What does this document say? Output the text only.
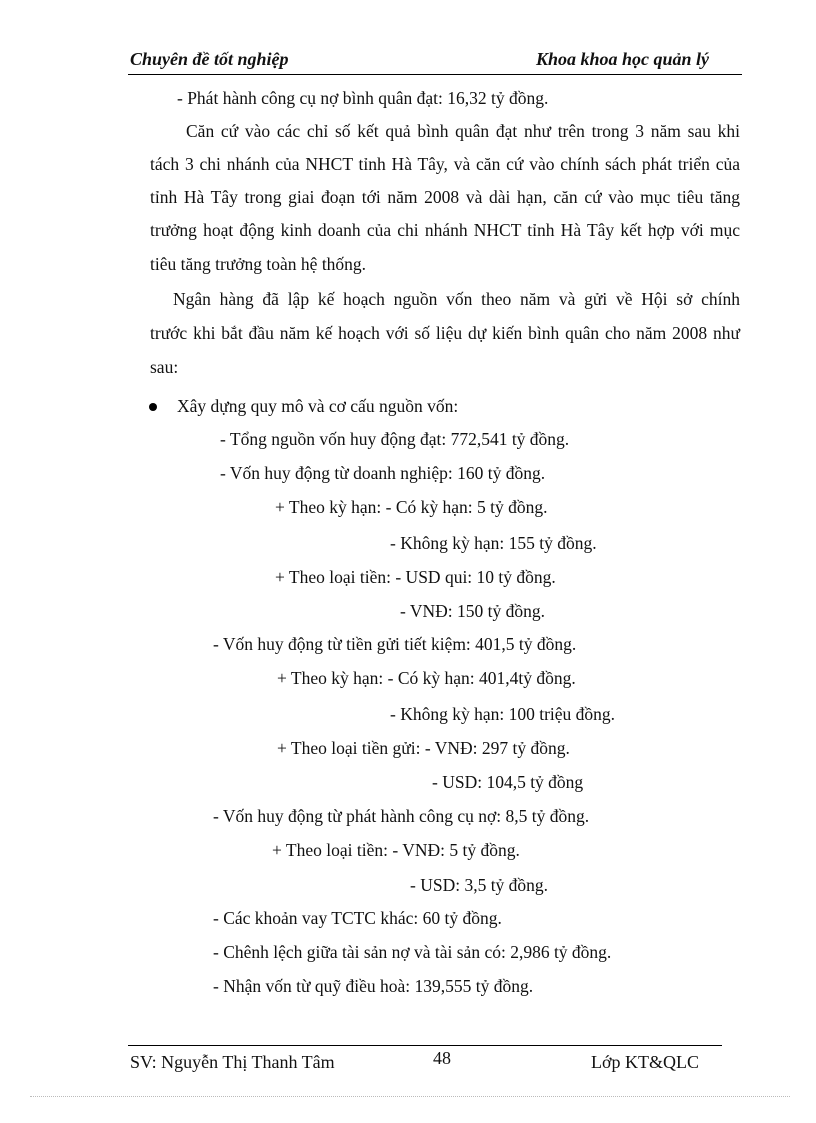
Chuyên đề tốt nghiệp	Khoa khoa học quản lý
- Phát hành công cụ nợ bình quân đạt: 16,32 tỷ đồng.
Căn cứ vào các chỉ số kết quả bình quân đạt như trên trong 3 năm sau khi
tách 3 chi nhánh của NHCT tỉnh Hà Tây, và căn cứ vào chính sách phát triển của
tỉnh Hà Tây trong giai đoạn tới năm 2008 và dài hạn, căn cứ vào mục tiêu tăng
trưởng hoạt động kinh doanh của chi nhánh NHCT tỉnh Hà Tây kết hợp với mục
tiêu tăng trưởng toàn hệ thống.
Ngân hàng đã lập kế hoạch nguồn vốn theo năm và gửi về Hội sở chính
trước khi bắt đầu năm kế hoạch với số liệu dự kiến bình quân cho năm 2008 như
sau:
Xây dựng quy mô và cơ cấu nguồn vốn:
- Tổng nguồn vốn huy động đạt: 772,541 tỷ đồng.
- Vốn huy động từ doanh nghiệp: 160 tỷ đồng.
+ Theo kỳ hạn: - Có kỳ hạn: 5 tỷ đồng.
- Không kỳ hạn: 155 tỷ đồng.
+ Theo loại tiền: - USD qui: 10 tỷ đồng.
- VNĐ: 150 tỷ đồng.
- Vốn huy động từ tiền gửi tiết kiệm: 401,5 tỷ đồng.
+ Theo kỳ hạn: - Có kỳ hạn: 401,4tỷ đồng.
- Không kỳ hạn: 100 triệu đồng.
+ Theo loại tiền gửi: - VNĐ: 297 tỷ đồng.
- USD: 104,5 tỷ đồng
- Vốn huy động từ phát hành công cụ nợ: 8,5 tỷ đồng.
+ Theo loại tiền: - VNĐ: 5 tỷ đồng.
- USD: 3,5 tỷ đồng.
- Các khoản vay TCTC khác: 60 tỷ đồng.
- Chênh lệch giữa tài sản nợ và tài sản có: 2,986 tỷ đồng.
- Nhận vốn từ quỹ điều hoà: 139,555 tỷ đồng.
SV: Nguyễn Thị Thanh Tâm	48	Lớp KT&QLC
